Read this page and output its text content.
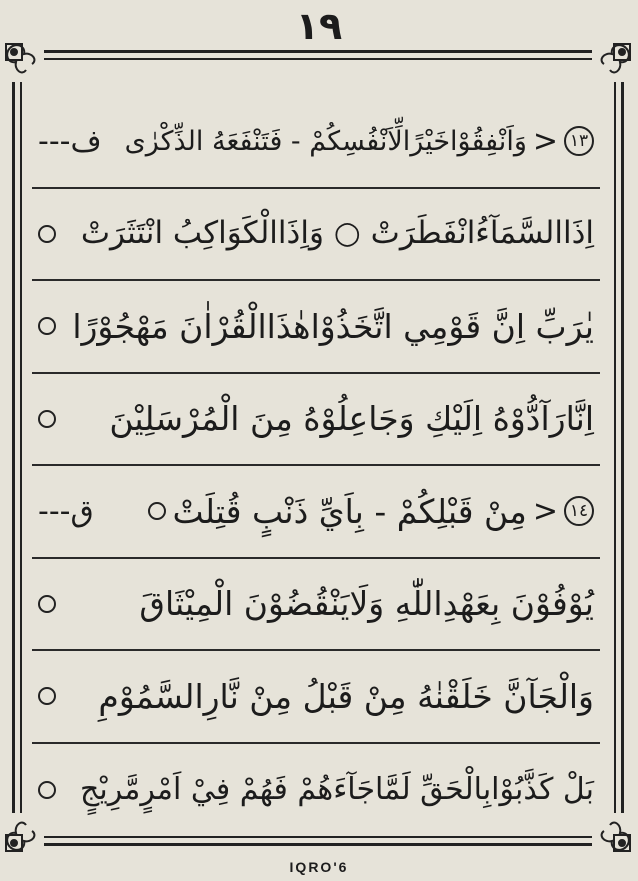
١٩
١٣
<
وَاَنْفِقُوْاخَيْرًالِّاَنْفُسِكُمْ - فَتَنْفَعَهُ الذِّكْرٰى
ف---
اِذَاالسَّمَآءُانْفَطَرَتْ ○ وَاِذَاالْكَوَاكِبُ انْتَثَرَتْ
يٰرَبِّ اِنَّ قَوْمِي اتَّخَذُوْاهٰذَاالْقُرْاٰنَ مَهْجُوْرًا
اِنَّارَآدُّوْهُ اِلَيْكِ وَجَاعِلُوْهُ مِنَ الْمُرْسَلِيْنَ
١٤
<
مِنْ قَبْلِكُمْ - بِاَيِّ ذَنْبٍ قُتِلَتْ
ق---
يُوْفُوْنَ بِعَهْدِاللّٰهِ وَلَايَنْقُضُوْنَ الْمِيْثَاقَ
وَالْجَآنَّ خَلَقْنٰهُ مِنْ قَبْلُ مِنْ نَّارِالسَّمُوْمِ
بَلْ كَذَّبُوْابِالْحَقِّ لَمَّاجَآءَهُمْ فَهُمْ فِيْ اَمْرٍمَّرِيْجٍ
IQRO'6
